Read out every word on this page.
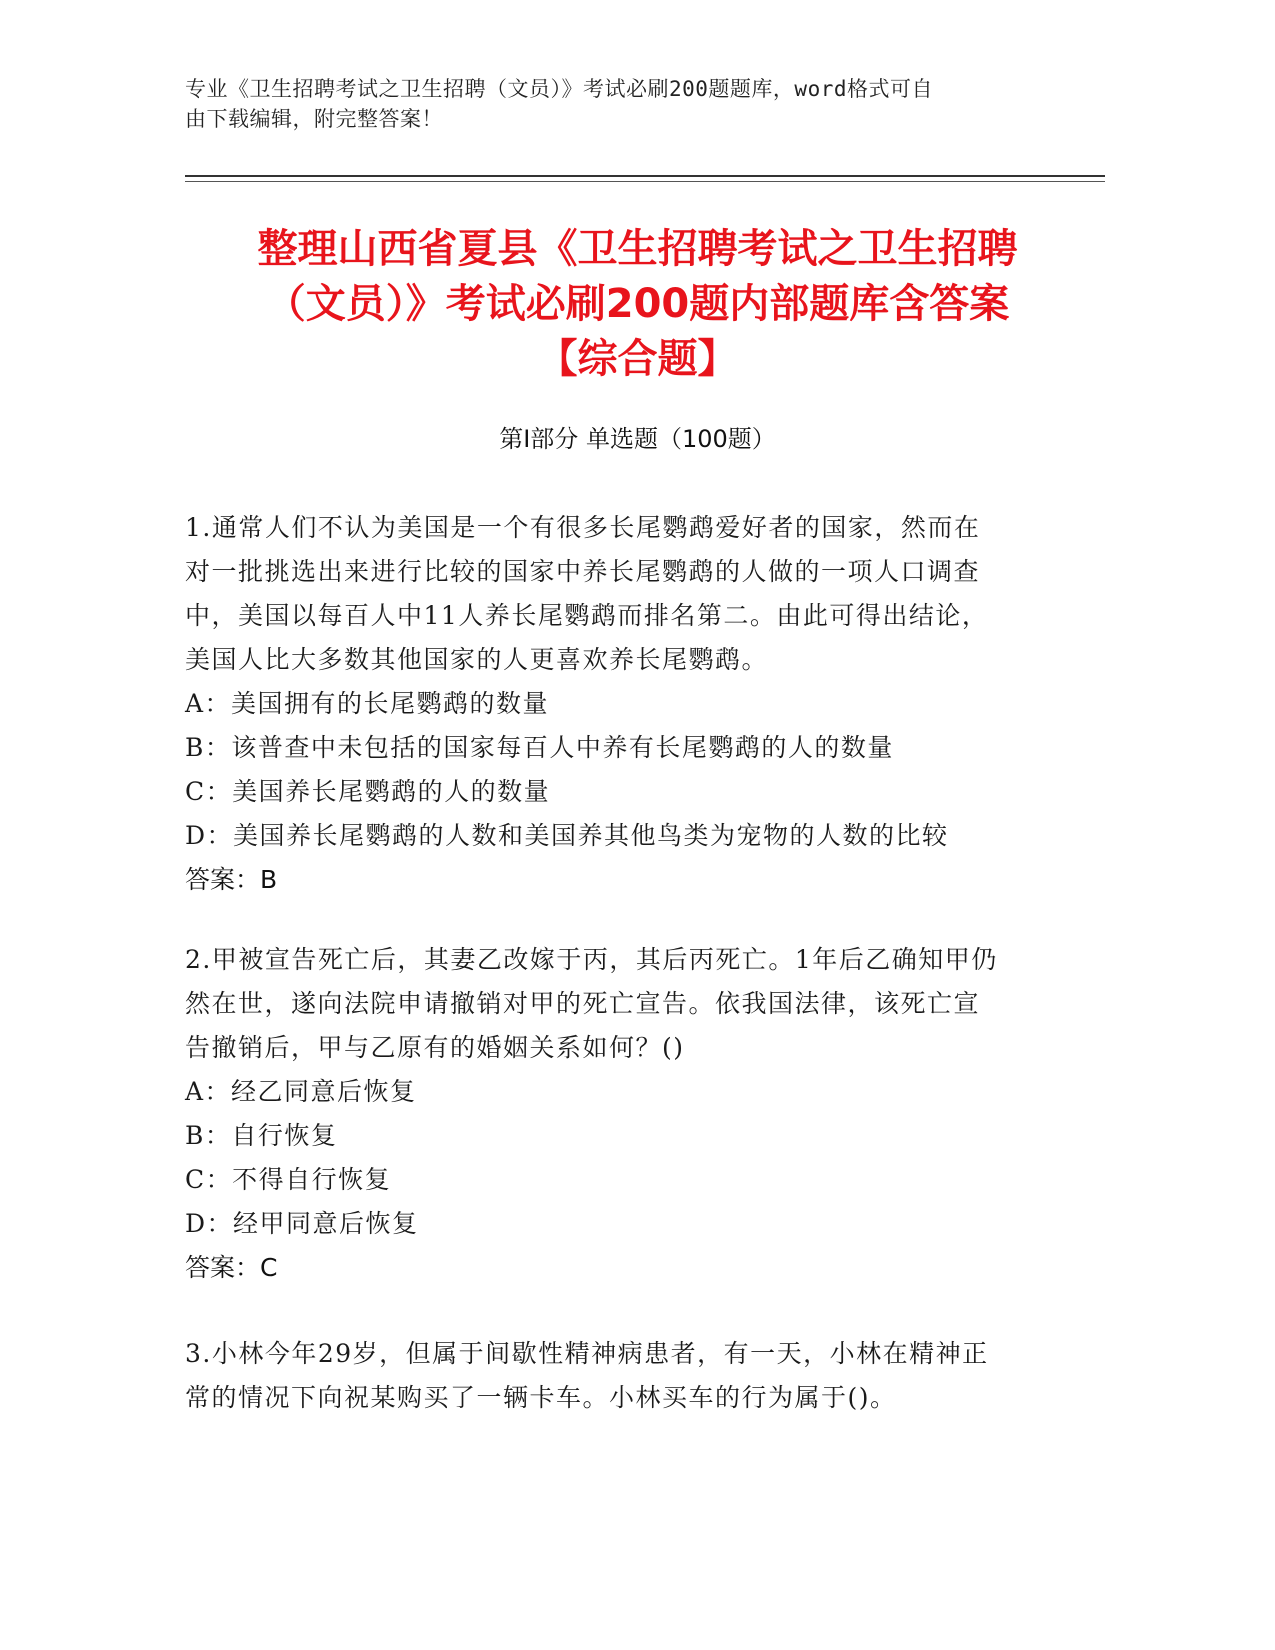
专业《卫生招聘考试之卫生招聘（文员）》考试必刷200题题库，word格式可自
由下载编辑，附完整答案！
整理山西省夏县《卫生招聘考试之卫生招聘
（文员）》考试必刷200题内部题库含答案
【综合题】
第Ⅰ部分 单选题（100题）
1.通常人们不认为美国是一个有很多长尾鹦鹉爱好者的国家，然而在
对一批挑选出来进行比较的国家中养长尾鹦鹉的人做的一项人口调查
中，美国以每百人中11人养长尾鹦鹉而排名第二。由此可得出结论，
美国人比大多数其他国家的人更喜欢养长尾鹦鹉。
A：美国拥有的长尾鹦鹉的数量
B：该普查中未包括的国家每百人中养有长尾鹦鹉的人的数量
C：美国养长尾鹦鹉的人的数量
D：美国养长尾鹦鹉的人数和美国养其他鸟类为宠物的人数的比较
答案：B
2.甲被宣告死亡后，其妻乙改嫁于丙，其后丙死亡。1年后乙确知甲仍
然在世，遂向法院申请撤销对甲的死亡宣告。依我国法律，该死亡宣
告撤销后，甲与乙原有的婚姻关系如何？()
A：经乙同意后恢复
B：自行恢复
C：不得自行恢复
D：经甲同意后恢复
答案：C
3.小林今年29岁，但属于间歇性精神病患者，有一天，小林在精神正
常的情况下向祝某购买了一辆卡车。小林买车的行为属于()。
